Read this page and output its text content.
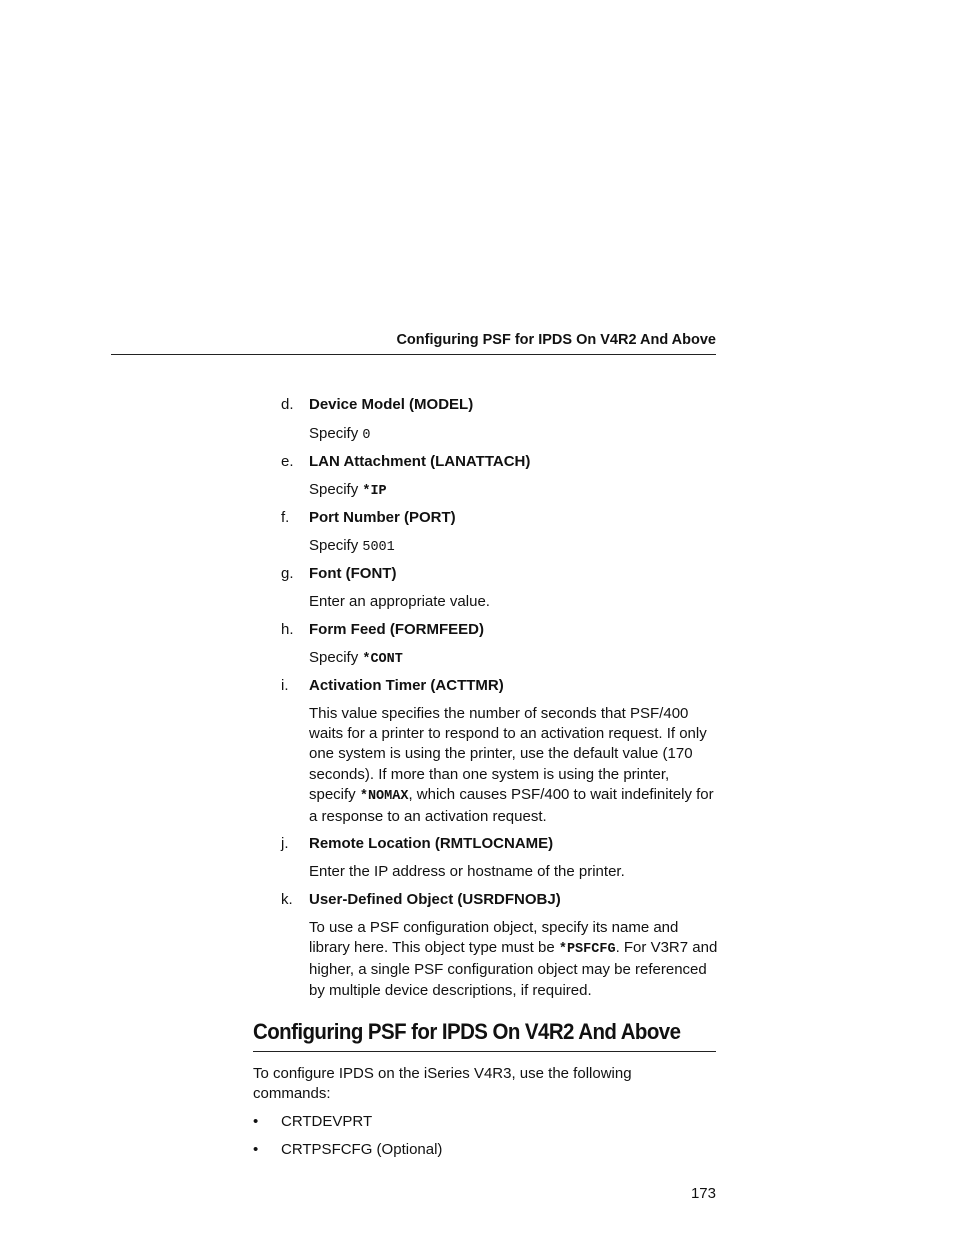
Configuring PSF for IPDS On V4R2 And Above
d. Device Model (MODEL)
Specify 0
e. LAN Attachment (LANATTACH)
Specify *IP
f. Port Number (PORT)
Specify 5001
g. Font (FONT)
Enter an appropriate value.
h. Form Feed (FORMFEED)
Specify *CONT
i. Activation Timer (ACTTMR)
This value specifies the number of seconds that PSF/400 waits for a printer to respond to an activation request. If only one system is using the printer, use the default value (170 seconds). If more than one system is using the printer, specify *NOMAX, which causes PSF/400 to wait indefinitely for a response to an activation request.
j. Remote Location (RMTLOCNAME)
Enter the IP address or hostname of the printer.
k. User-Defined Object (USRDFNOBJ)
To use a PSF configuration object, specify its name and library here. This object type must be *PSFCFG. For V3R7 and higher, a single PSF configuration object may be referenced by multiple device descriptions, if required.
Configuring PSF for IPDS On V4R2 And Above
To configure IPDS on the iSeries V4R3, use the following commands:
• CRTDEVPRT
• CRTPSFCFG (Optional)
173
